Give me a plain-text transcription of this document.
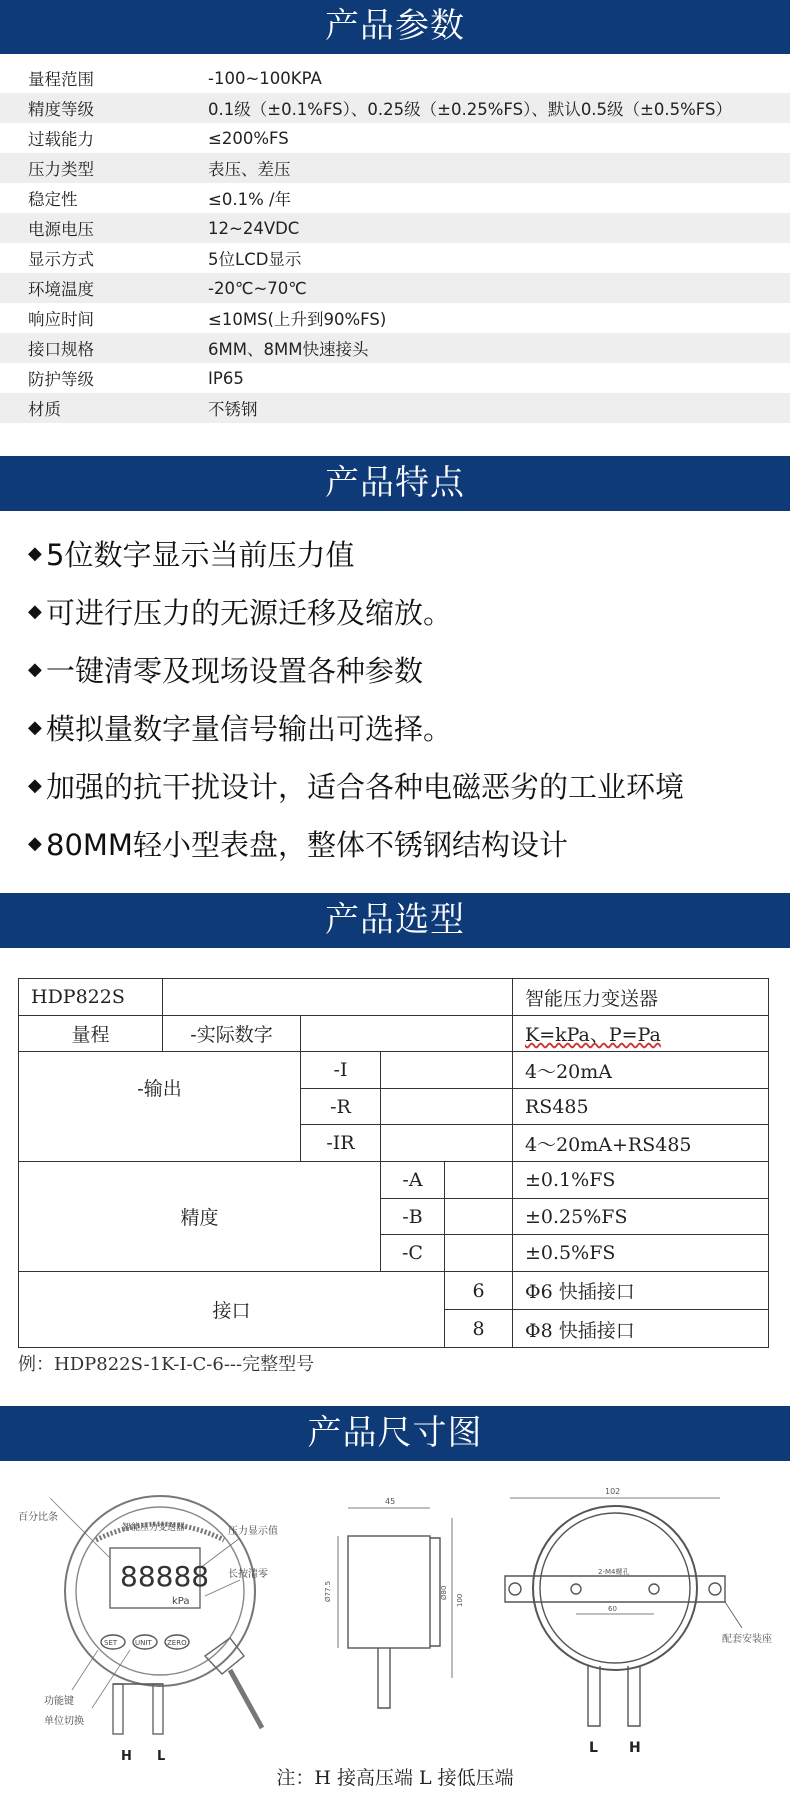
产品参数
量程范围	-100~100KPA
精度等级	0.1级（±0.1%FS）、0.25级（±0.25%FS）、默认0.5级（±0.5%FS）
过载能力	≤200%FS
压力类型	表压、差压
稳定性	≤0.1% /年
电源电压	12~24VDC
显示方式	5位LCD显示
环境温度	-20℃~70℃
响应时间	≤10MS(上升到90%FS)
接口规格	6MM、8MM快速接头
防护等级	IP65
材质	不锈钢
产品特点
◆ 5位数字显示当前压力值
◆ 可进行压力的无源迁移及缩放。
◆ 一键清零及现场设置各种参数
◆ 模拟量数字量信号输出可选择。
◆ 加强的抗干扰设计，适合各种电磁恶劣的工业环境
◆ 80MM轻小型表盘，整体不锈钢结构设计
产品选型
HDP822S	智能压力变送器
量程	-实际数字	K=kPa、P=Pa
-输出
-I	4～20mA
-R	RS485
-IR	4～20mA+RS485
精度
-A	±0.1%FS
-B	±0.25%FS
-C	±0.5%FS
接口
6	Φ6 快插接口
8	Φ8 快插接口
例：HDP822S-1K-I-C-6---完整型号
产品尺寸图
百分比条
智能压力变送器	压力显示值
长按清零
88888
kPa
SET	UNIT ZERO
功能键
单位切换
H L
45
Ø77.5	Ø80
100
102
2-M4螺孔
60
配套安装座
L H
注：H 接高压端 L 接低压端
